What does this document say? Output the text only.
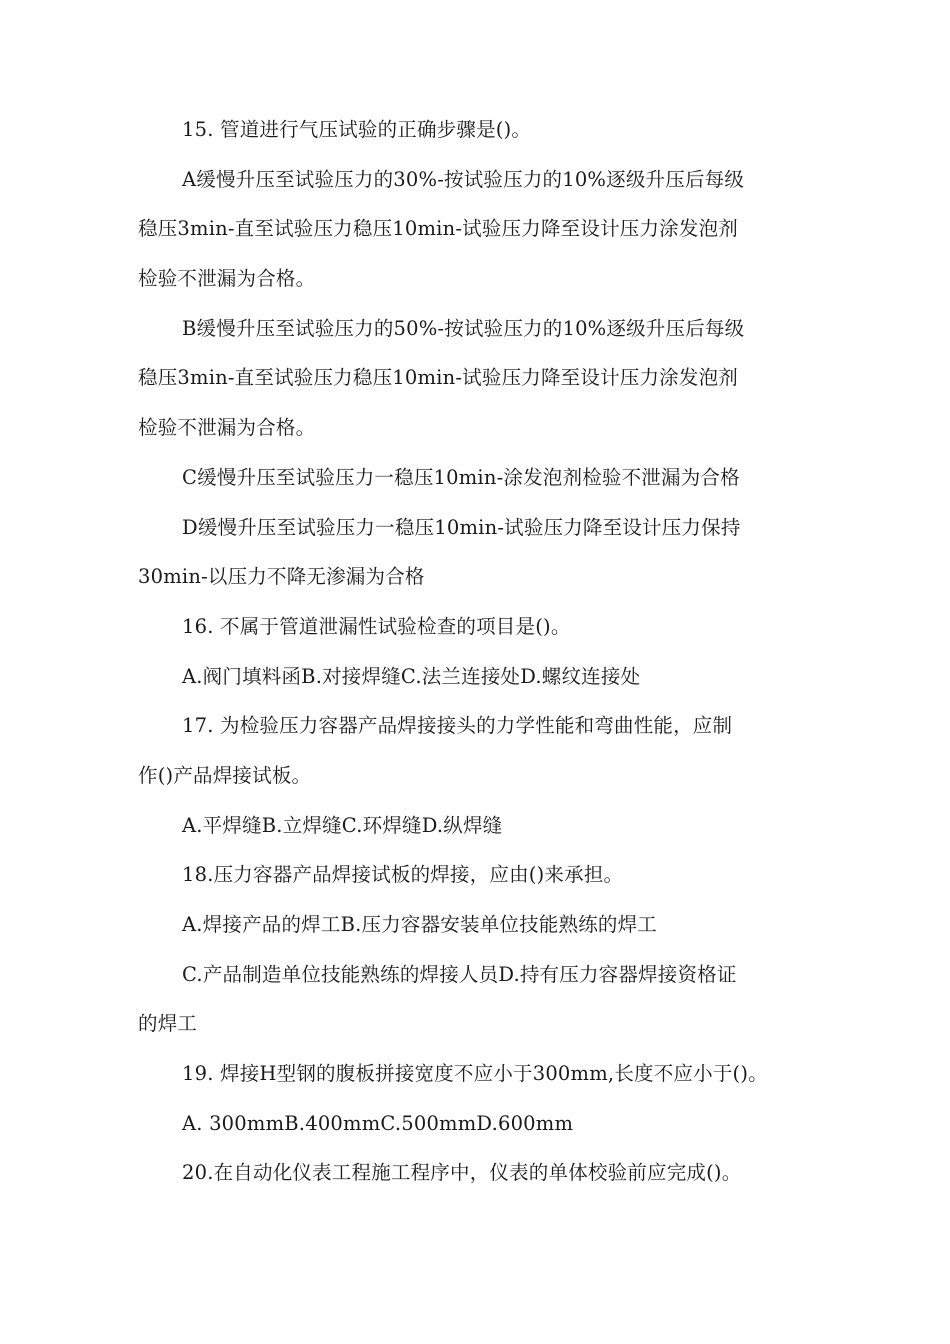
15. 管道进行气压试验的正确步骤是()。
A缓慢升压至试验压力的30%-按试验压力的10%逐级升压后每级
稳压3min-直至试验压力稳压10min-试验压力降至设计压力涂发泡剂
检验不泄漏为合格。
B缓慢升压至试验压力的50%-按试验压力的10%逐级升压后每级
稳压3min-直至试验压力稳压10min-试验压力降至设计压力涂发泡剂
检验不泄漏为合格。
C缓慢升压至试验压力一稳压10min-涂发泡剂检验不泄漏为合格
D缓慢升压至试验压力一稳压10min-试验压力降至设计压力保持
30min-以压力不降无渗漏为合格
16. 不属于管道泄漏性试验检查的项目是()。
A.阀门填料函B.对接焊缝C.法兰连接处D.螺纹连接处
17. 为检验压力容器产品焊接接头的力学性能和弯曲性能，应制
作()产品焊接试板。
A.平焊缝B.立焊缝C.环焊缝D.纵焊缝
18.压力容器产品焊接试板的焊接，应由()来承担。
A.焊接产品的焊工B.压力容器安装单位技能熟练的焊工
C.产品制造单位技能熟练的焊接人员D.持有压力容器焊接资格证
的焊工
19. 焊接H型钢的腹板拼接宽度不应小于300mm,长度不应小于()。
A. 300mmB.400mmC.500mmD.600mm
20.在自动化仪表工程施工程序中，仪表的单体校验前应完成()。
